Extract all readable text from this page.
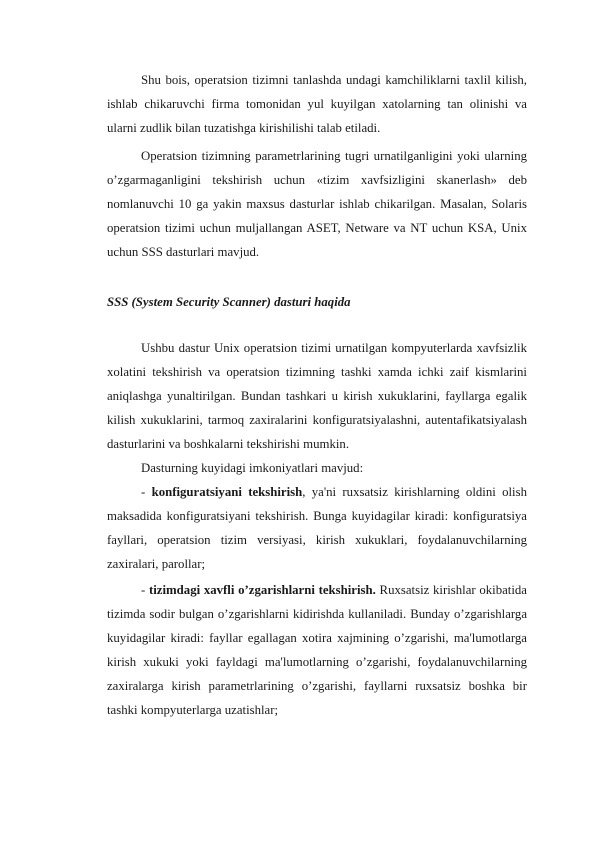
Shu bois, operatsion tizimni tanlashda undagi kamchiliklarni taxlil kilish, ishlab chikaruvchi firma tomonidan yul kuyilgan xatolarning tan olinishi va ularni zudlik bilan tuzatishga kirishilishi talab etiladi.

Operatsion tizimning parametrlarining tugri urnatilganligini yoki ularning o’zgarmaganligini tekshirish uchun «tizim xavfsizligini skanerlash» deb nomlanuvchi 10 ga yakin maxsus dasturlar ishlab chikarilgan. Masalan, Solaris operatsion tizimi uchun muljallangan ASET, Netware va NT uchun KSA, Unix uchun SSS dasturlari mavjud.

SSS (System Security Scanner) dasturi haqida

Ushbu dastur Unix operatsion tizimi urnatilgan kompyuterlarda xavfsizlik xolatini tekshirish va operatsion tizimning tashki xamda ichki zaif kismlarini aniqlashga yunaltirilgan. Bundan tashkari u kirish xukuklarini, fayllarga egalik kilish xukuklarini, tarmoq zaxiralarini konfiguratsiyalashni, autentafikatsiyalash dasturlarini va boshkalarni tekshirishi mumkin.

Dasturning kuyidagi imkoniyatlari mavjud:

- konfiguratsiyani tekshirish, ya'ni ruxsatsiz kirishlarning oldini olish maksadida konfiguratsiyani tekshirish. Bunga kuyidagilar kiradi: konfiguratsiya fayllari, operatsion tizim versiyasi, kirish xukuklari, foydalanuvchilarning zaxiralari, parollar;

- tizimdagi xavfli o’zgarishlarni tekshirish. Ruxsatsiz kirishlar okibatida tizimda sodir bulgan o’zgarishlarni kidirishda kullaniladi. Bunday o’zgarishlarga kuyidagilar kiradi: fayllar egallagan xotira xajmining o’zgarishi, ma'lumotlarga kirish xukuki yoki fayldagi ma'lumotlarning o’zgarishi, foydalanuvchilarning zaxiralarga kirish parametrlarining o’zgarishi, fayllarni ruxsatsiz boshka bir tashki kompyuterlarga uzatishlar;
